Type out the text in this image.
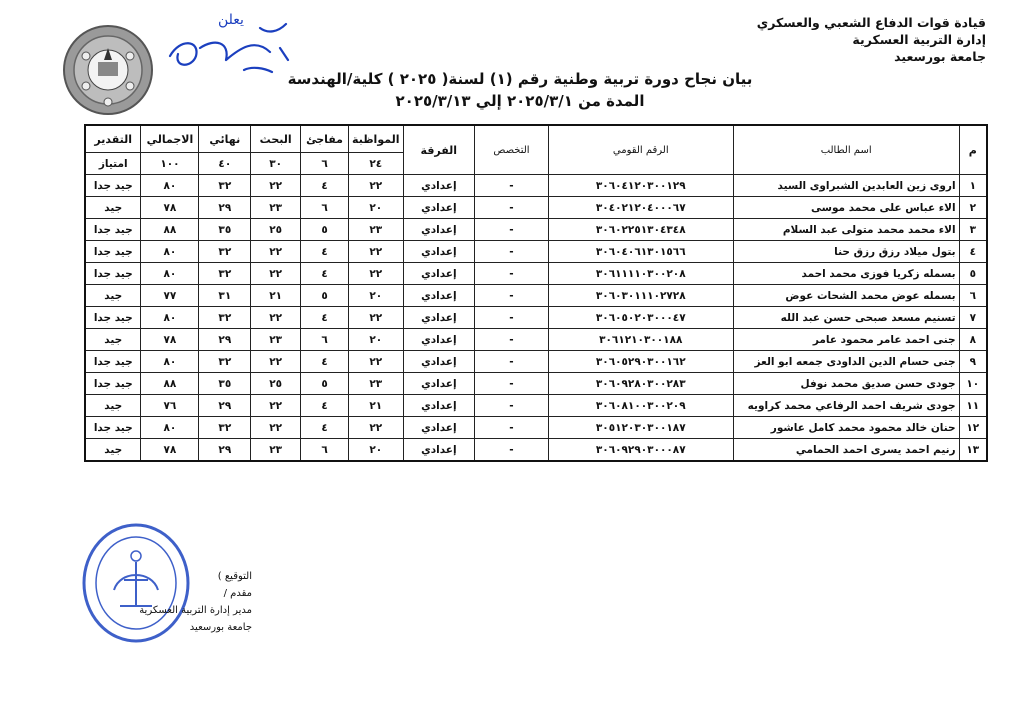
قيادة قوات الدفاع الشعبي والعسكري
إدارة التربية العسكرية
جامعة بورسعيد
يعلن
بيان نجاح دورة تربية وطنية رقم (١) لسنة( ٢٠٢٥ ) كلية/الهندسة
المدة من ٢٠٢٥/٣/١ إلي ٢٠٢٥/٣/١٣
م	اسم الطالب	الرقم القومي	التخصص	الفرقة	المواظبة	مفاجئ	البحث	نهائي	الاجمالي	التقدير
					٢٤	٦	٣٠	٤٠	١٠٠	امتياز
١	اروى زين العابدين الشبراوى السيد	٣٠٦٠٤١٢٠٣٠٠١٢٩	-	إعدادي	٢٢	٤	٢٢	٣٢	٨٠	جيد جدا
٢	الاء عباس على محمد موسى	٣٠٤٠٢١٢٠٤٠٠٠٦٧	-	إعدادي	٢٠	٦	٢٣	٢٩	٧٨	جيد
٣	الاء محمد محمد متولى عبد السلام	٣٠٦٠٢٢٥١٣٠٤٣٤٨	-	إعدادي	٢٣	٥	٢٥	٣٥	٨٨	جيد جدا
٤	بتول ميلاد رزق رزق حنا	٣٠٦٠٤٠٦١٣٠١٥٦٦	-	إعدادي	٢٢	٤	٢٢	٣٢	٨٠	جيد جدا
٥	بسمله زكريا فوزى محمد احمد	٣٠٦١١١١٠٣٠٠٢٠٨	-	إعدادي	٢٢	٤	٢٢	٣٢	٨٠	جيد جدا
٦	بسمله عوض محمد الشحات عوض	٣٠٦٠٣٠١١١٠٢٧٢٨	-	إعدادي	٢٠	٥	٢١	٣١	٧٧	جيد
٧	تسنيم مسعد صبحى حسن عبد الله	٣٠٦٠٥٠٢٠٣٠٠٠٤٧	-	إعدادي	٢٢	٤	٢٢	٣٢	٨٠	جيد جدا
٨	جنى احمد عامر محمود عامر	٣٠٦١٢١٠٣٠٠١٨٨	-	إعدادي	٢٠	٦	٢٣	٢٩	٧٨	جيد
٩	جنى حسام الدين الداودى جمعه ابو العز	٣٠٦٠٥٢٩٠٣٠٠١٦٢	-	إعدادي	٢٢	٤	٢٢	٣٢	٨٠	جيد جدا
١٠	جودى حسن صديق محمد نوفل	٣٠٦٠٩٢٨٠٣٠٠٢٨٣	-	إعدادي	٢٣	٥	٢٥	٣٥	٨٨	جيد جدا
١١	جودى شريف احمد الرفاعي محمد كراويه	٣٠٦٠٨١٠٠٣٠٠٢٠٩	-	إعدادي	٢١	٤	٢٢	٢٩	٧٦	جيد
١٢	حنان خالد محمود محمد كامل عاشور	٣٠٥١٢٠٣٠٣٠٠١٨٧	-	إعدادي	٢٢	٤	٢٢	٣٢	٨٠	جيد جدا
١٣	رنيم احمد يسرى احمد الحمامي	٣٠٦٠٩٢٩٠٣٠٠٠٨٧	-	إعدادي	٢٠	٦	٢٣	٢٩	٧٨	جيد
التوقيع )
مقدم /
مدير إدارة التربية العسكرية
جامعة بورسعيد
